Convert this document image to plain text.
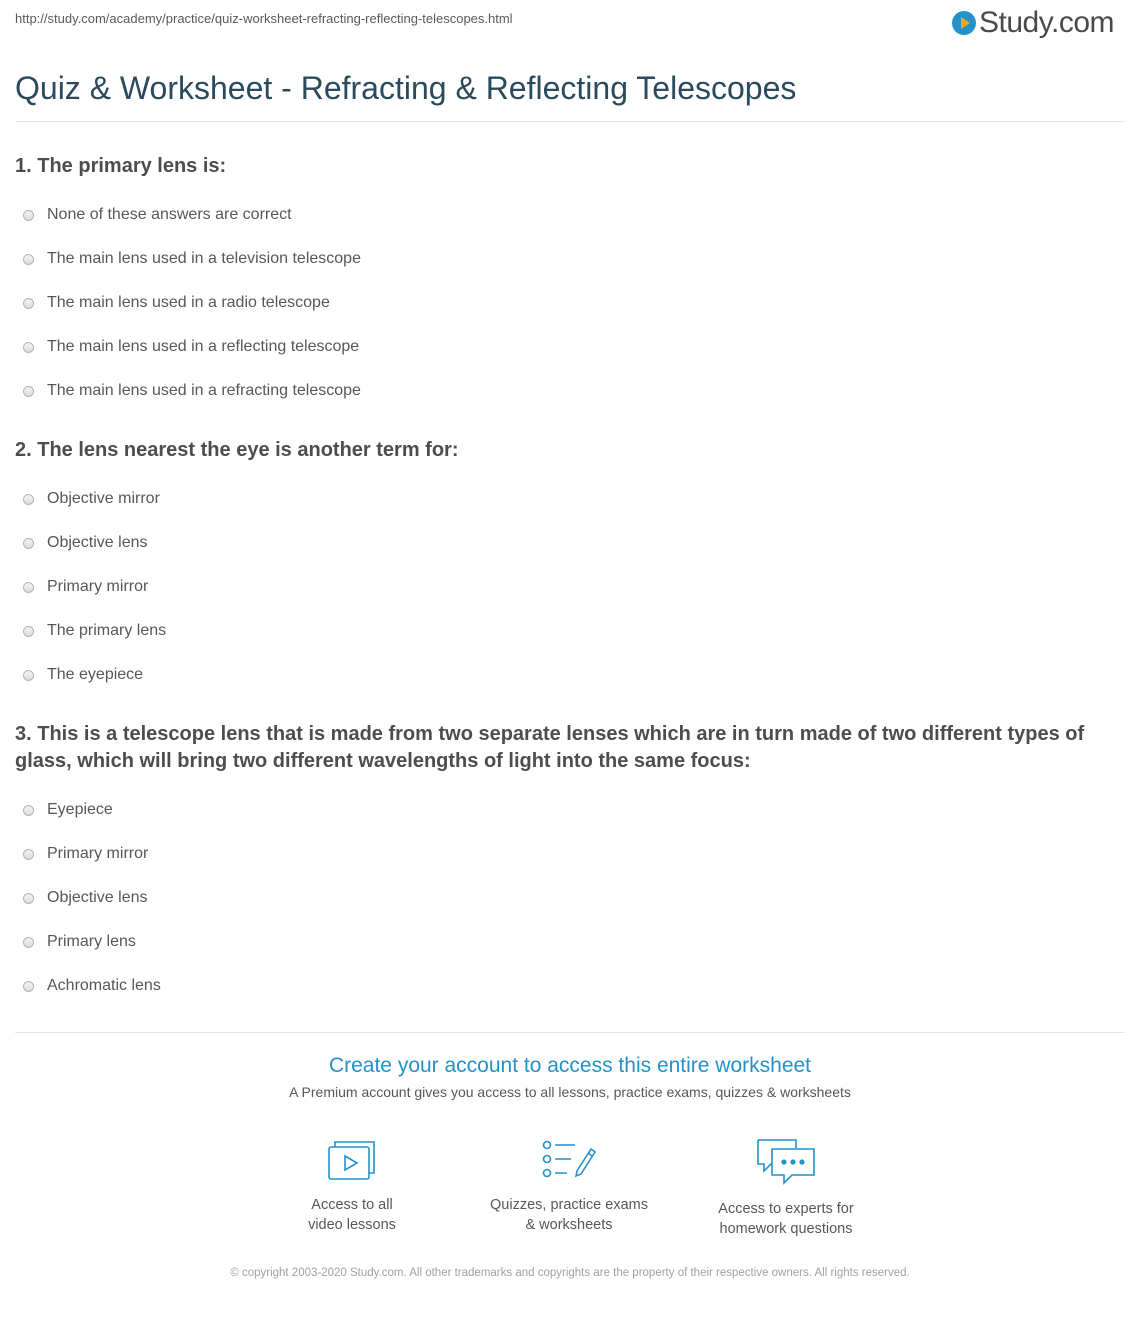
http://study.com/academy/practice/quiz-worksheet-refracting-reflecting-telescopes.html	Study.com
Quiz & Worksheet - Refracting & Reflecting Telescopes
1. The primary lens is:
None of these answers are correct
The main lens used in a television telescope
The main lens used in a radio telescope
The main lens used in a reflecting telescope
The main lens used in a refracting telescope
2. The lens nearest the eye is another term for:
Objective mirror
Objective lens
Primary mirror
The primary lens
The eyepiece
3. This is a telescope lens that is made from two separate lenses which are in turn made of two different types of glass, which will bring two different wavelengths of light into the same focus:
Eyepiece
Primary mirror
Objective lens
Primary lens
Achromatic lens
Create your account to access this entire worksheet
A Premium account gives you access to all lessons, practice exams, quizzes & worksheets
Access to all
video lessons
Quizzes, practice exams
& worksheets
Access to experts for
homework questions
© copyright 2003-2020 Study.com. All other trademarks and copyrights are the property of their respective owners. All rights reserved.
